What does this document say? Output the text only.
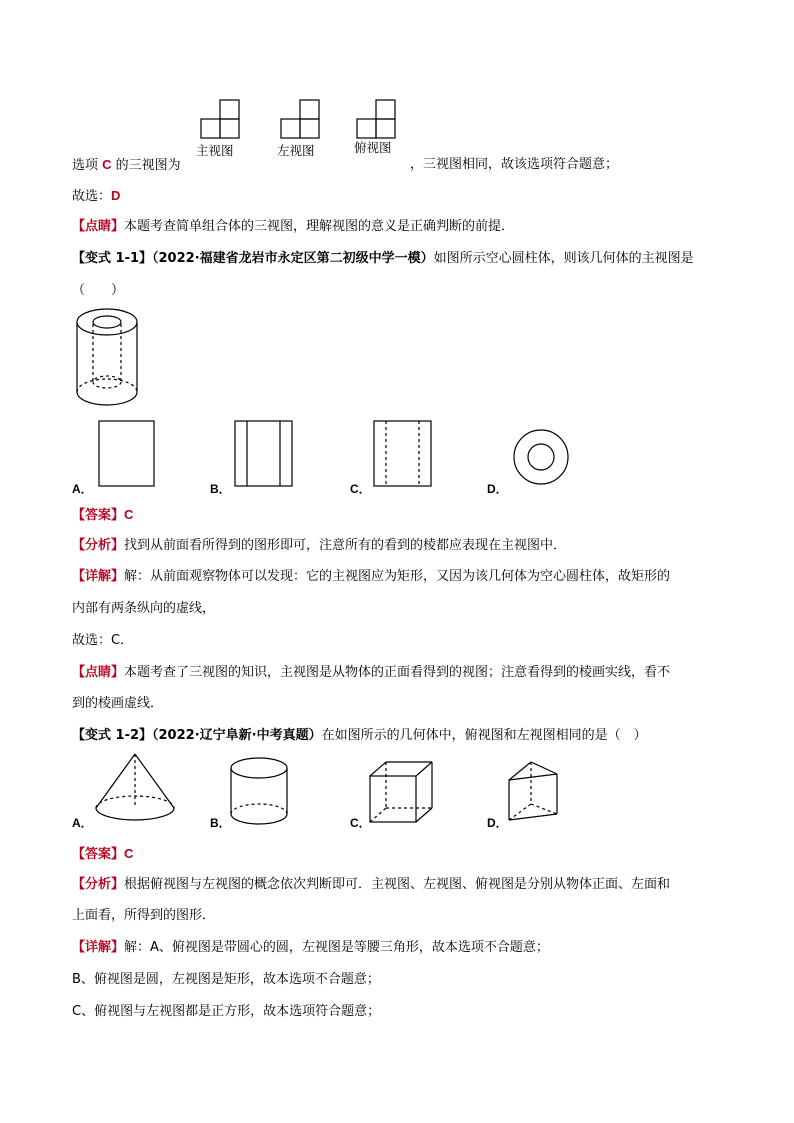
主视图	左视图	俯视图
选项 C 的三视图为	，三视图相同，故该选项符合题意；
故选：D
【点睛】本题考查简单组合体的三视图，理解视图的意义是正确判断的前提．
【变式 1-1】（2022·福建省龙岩市永定区第二初级中学一模）如图所示空心圆柱体，则该几何体的主视图是
（　　）
A．	B．	C．	D．
【答案】C
【分析】找到从前面看所得到的图形即可，注意所有的看到的棱都应表现在主视图中．
【详解】解：从前面观察物体可以发现：它的主视图应为矩形，又因为该几何体为空心圆柱体，故矩形的
内部有两条纵向的虚线，
故选：C．
【点睛】本题考查了三视图的知识，主视图是从物体的正面看得到的视图；注意看得到的棱画实线，看不
到的棱画虚线．
【变式 1-2】（2022·辽宁阜新·中考真题）在如图所示的几何体中，俯视图和左视图相同的是（　）
A．	B．	C．	D．
【答案】C
【分析】根据俯视图与左视图的概念依次判断即可．主视图、左视图、俯视图是分别从物体正面、左面和
上面看，所得到的图形．
【详解】解：A、俯视图是带圆心的圆，左视图是等腰三角形，故本选项不合题意；
B、俯视图是圆，左视图是矩形，故本选项不合题意；
C、俯视图与左视图都是正方形，故本选项符合题意；
